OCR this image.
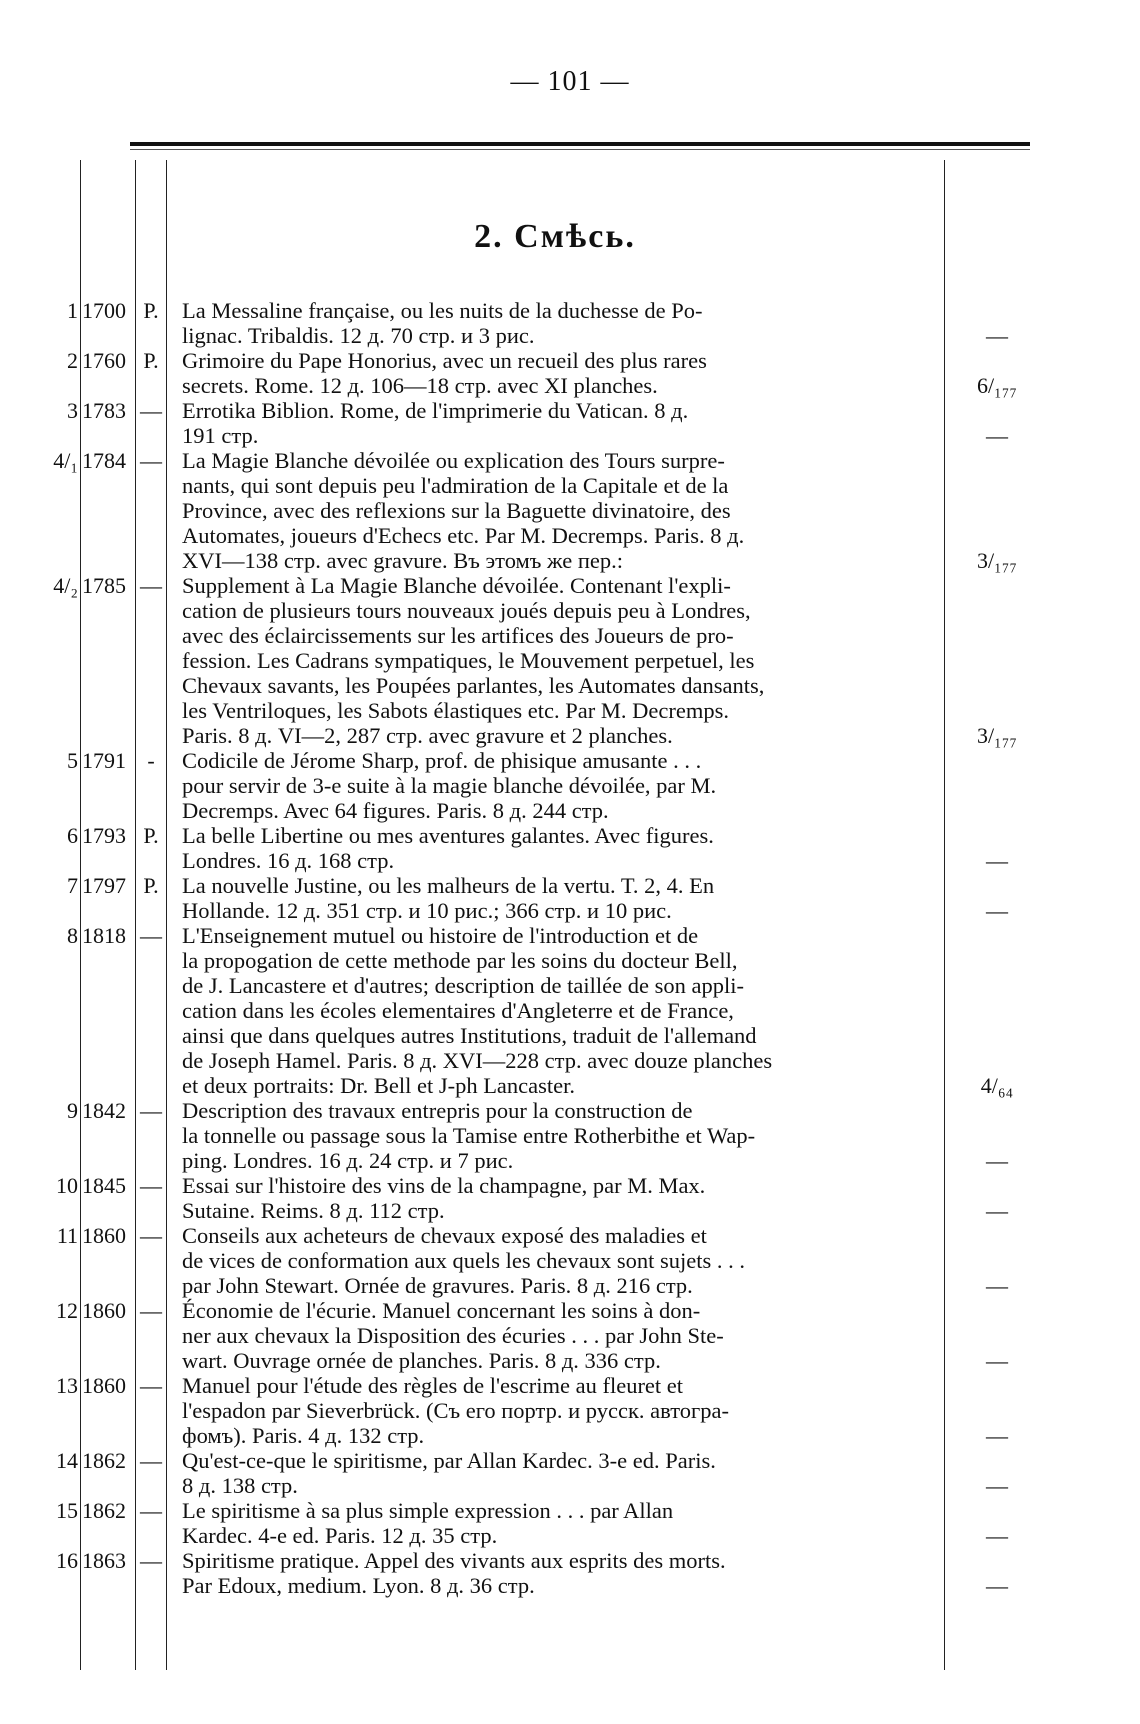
— 101 —
2. Смѣсь.
1 1700 P. La Messaline française, ou les nuits de la duchesse de Po-
lignac. Tribaldis. 12 д. 70 стр. и 3 рис.	—
2 1760 P. Grimoire du Pape Honorius, avec un recueil des plus rares
secrets. Rome. 12 д. 106—18 стр. avec XI planches.	6/₁₇₇
3 1783 — Errotika Biblion. Rome, de l'imprimerie du Vatican. 8 д.
191 стр.	—
4/₁ 1784 — La Magie Blanche dévoilée ou explication des Tours surpre-
nants, qui sont depuis peu l'admiration de la Capitale et de la
Province, avec des reflexions sur la Baguette divinatoire, des
Automates, joueurs d'Echecs etc. Par M. Decremps. Paris. 8 д.
XVI—138 стр. avec gravure. Въ этомъ же пер.:	3/₁₇₇
4/₂ 1785 — Supplement à La Magie Blanche dévoilée. Contenant l'expli-
cation de plusieurs tours nouveaux joués depuis peu à Londres,
avec des éclaircissements sur les artifices des Joueurs de pro-
fession. Les Cadrans sympatiques, le Mouvement perpetuel, les
Chevaux savants, les Poupées parlantes, les Automates dansants,
les Ventriloques, les Sabots élastiques etc. Par M. Decremps.
Paris. 8 д. VI—2, 287 стр. avec gravure et 2 planches.	3/₁₇₇
5 1791 -	Codicile de Jérome Sharp, prof. de phisique amusante . . .
pour servir de 3-e suite à la magie blanche dévoilée, par M.
Decremps. Avec 64 figures. Paris. 8 д. 244 стр.
6 1793 P. La belle Libertine ou mes aventures galantes. Avec figures.
Londres. 16 д. 168 стр.	—
7 1797 P. La nouvelle Justine, ou les malheurs de la vertu. T. 2, 4. En
Hollande. 12 д. 351 стр. и 10 рис.; 366 стр. и 10 рис.	—
8 1818 — L'Enseignement mutuel ou histoire de l'introduction et de
la propogation de cette methode par les soins du docteur Bell,
de J. Lancastere et d'autres; description de taillée de son appli-
cation dans les écoles elementaires d'Angleterre et de France,
ainsi que dans quelques autres Institutions, traduit de l'allemand
de Joseph Hamel. Paris. 8 д. XVI—228 стр. avec douze planches
et deux portraits: Dr. Bell et J-ph Lancaster.	4/₆₄
9 1842 — Description des travaux entrepris pour la construction de
la tonnelle ou passage sous la Tamise entre Rotherbithe et Wap-
ping. Londres. 16 д. 24 стр. и 7 рис.	—
10 1845 — Essai sur l'histoire des vins de la champagne, par M. Max.
Sutaine. Reims. 8 д. 112 стр.	—
11 1860 — Conseils aux acheteurs de chevaux exposé des maladies et
de vices de conformation aux quels les chevaux sont sujets . . .
par John Stewart. Ornée de gravures. Paris. 8 д. 216 стр.	—
12 1860 — Économie de l'écurie. Manuel concernant les soins à don-
ner aux chevaux la Disposition des écuries . . . par John Ste-
wart. Ouvrage ornée de planches. Paris. 8 д. 336 стр.	—
13 1860 — Manuel pour l'étude des règles de l'escrime au fleuret et
l'espadon par Sieverbrück. (Съ его портр. и русск. автогра-
фомъ). Paris. 4 д. 132 стр.	—
14 1862 — Qu'est-ce-que le spiritisme, par Allan Kardec. 3-e ed. Paris.
8 д. 138 стр.	—
15 1862 — Le spiritisme à sa plus simple expression . . . par Allan
Kardec. 4-e ed. Paris. 12 д. 35 стр.	—
16 1863 — Spiritisme pratique. Appel des vivants aux esprits des morts.
Par Edoux, medium. Lyon. 8 д. 36 стр.	—
